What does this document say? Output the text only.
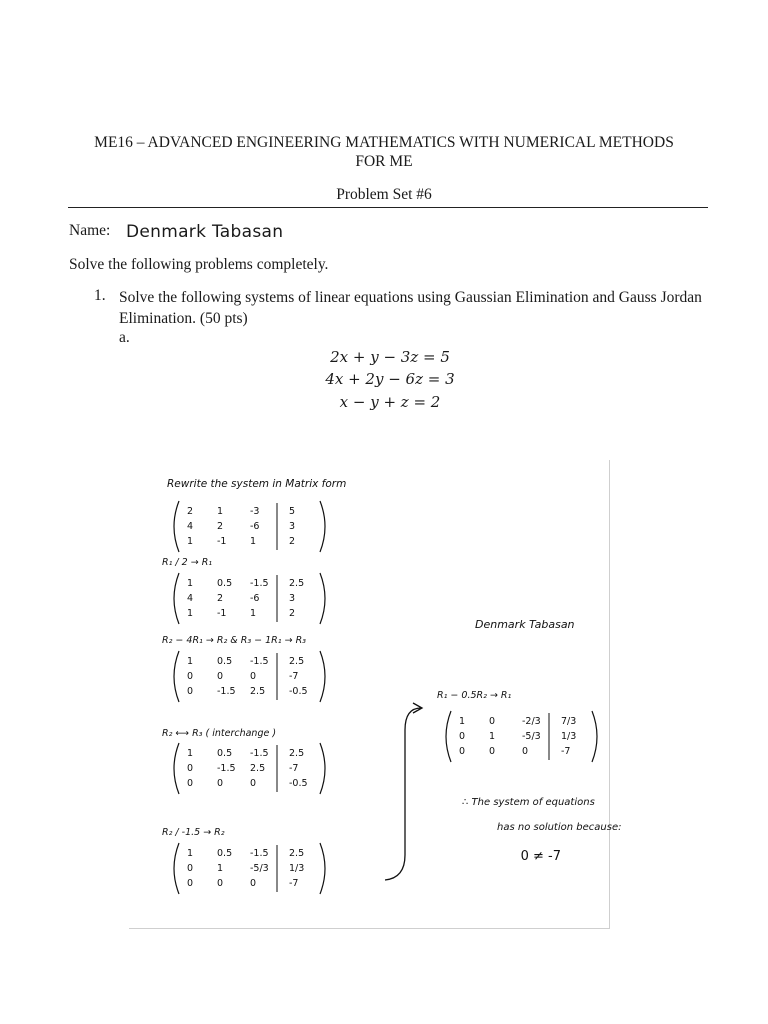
ME16 – ADVANCED ENGINEERING MATHEMATICS WITH NUMERICAL METHODS
FOR ME
Problem Set #6
Name: Denmark Tabasan
Solve the following problems completely.
1. Solve the following systems of linear equations using Gaussian Elimination and Gauss Jordan Elimination. (50 pts)
a.
2x + y − 3z = 5
4x + 2y − 6z = 3
x − y + z = 2
Rewrite the system in Matrix form
Denmark Tabasan
2	1	-3	5
4	2	-6	3
1	-1 1	2
R₁ / 2 → R₁
1	0.5 -1.5 2.5
4	2	-6	3
1	-1 1	2
R₂ − 4R₁ → R₂ & R₃ − 1R₁ → R₃
1	0.5 -1.5 2.5
0	0	0	-7
0	-1.5 2.5	-0.5
R₂ ⟷ R₃ ( interchange )
1	0.5 -1.5 2.5
0	-1.5 2.5	-7
0	0	0	-0.5
R₂ / -1.5 → R₂
1	0.5 -1.5 2.5
0	1	-5/3 1/3
0	0	0	-7
R₁ − 0.5R₂ → R₁
1	0	-2/3 7/3
0	1	-5/3 1/3
0	0	0	-7
∴ The system of equations
has no solution because:
0 ≠ -7
